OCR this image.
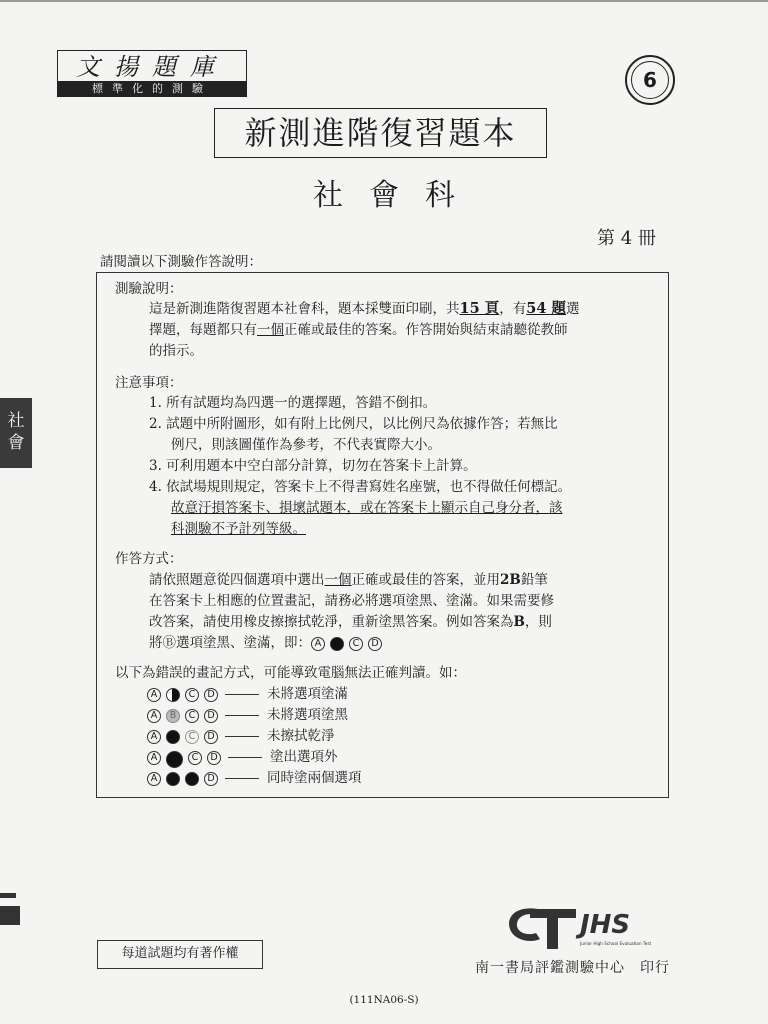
文揚題庫
標準化的測驗	6
新測進階復習題本
社會科
第 4 冊
請閱讀以下測驗作答說明：
測驗說明：
這是新測進階復習題本社會科，題本採雙面印刷，共15 頁，有54 題選
擇題，每題都只有一個正確或最佳的答案。作答開始與結束請聽從教師
的指示。
注意事項：
1. 所有試題均為四選一的選擇題，答錯不倒扣。
2. 試題中所附圖形，如有附上比例尺，以比例尺為依據作答；若無比
例尺，則該圖僅作為參考，不代表實際大小。
3. 可利用題本中空白部分計算，切勿在答案卡上計算。
4. 依試場規則規定，答案卡上不得書寫姓名座號，也不得做任何標記。
故意汙損答案卡、損壞試題本，或在答案卡上顯示自己身分者，該
科測驗不予計列等級。
作答方式：
請依照題意從四個選項中選出一個正確或最佳的答案，並用2B鉛筆
在答案卡上相應的位置畫記，請務必將選項塗黑、塗滿。如果需要修
改答案，請使用橡皮擦擦拭乾淨，重新塗黑答案。例如答案為B，則
將Ⓑ選項塗黑、塗滿，即： A	C D
以下為錯誤的畫記方式，可能導致電腦無法正確判讀。如：
A	C D	未將選項塗滿
A B C D	未將選項塗黑
A	C D	未擦拭乾淨
A	C D	塗出選項外
A	D	同時塗兩個選項
社會
每道試題均有著作權
JHS
Junior High School Evaluation Test
南一書局評鑑測驗中心　印行
(111NA06-S)
